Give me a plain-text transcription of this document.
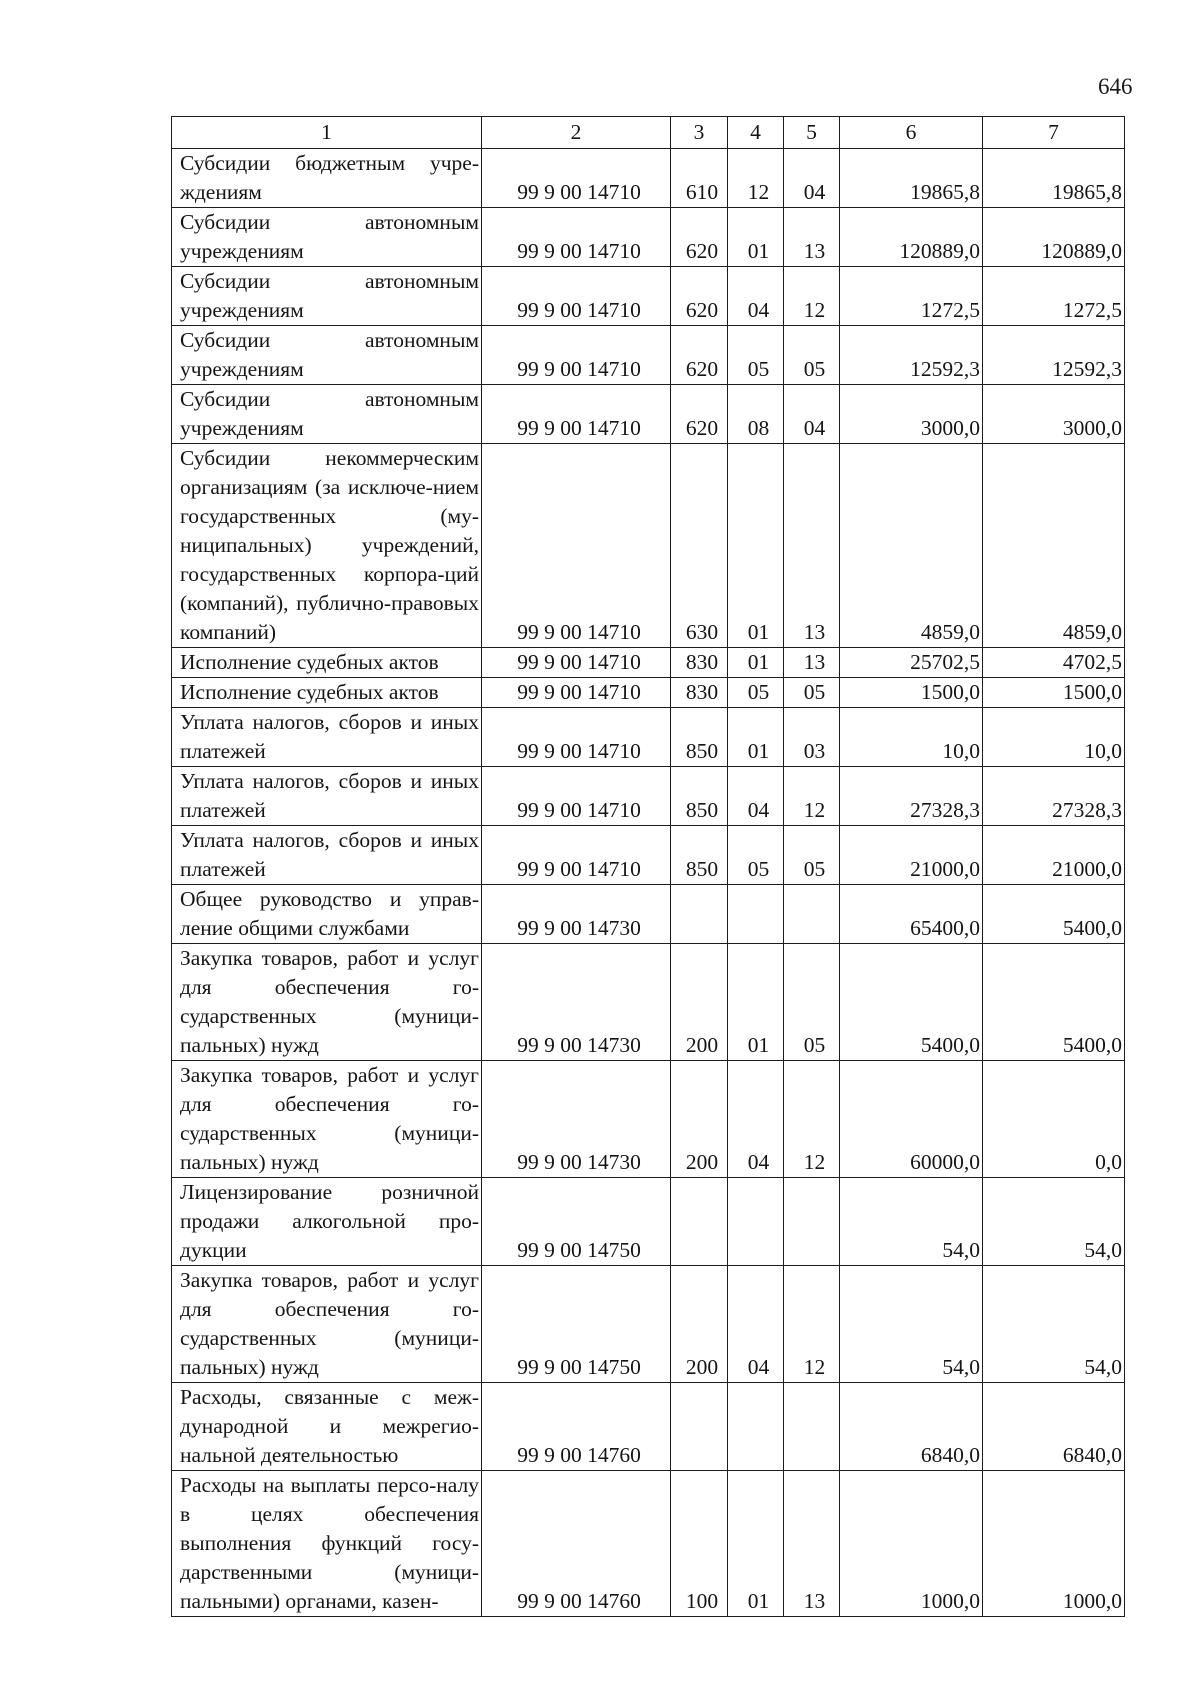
646
1	2	3	4	5	6	7
Субсидии бюджетным учре-ждениям	99 9 00 14710	610	12	04	19865,8	19865,8
Субсидии автономным учреждениям	99 9 00 14710	620	01	13	120889,0	120889,0
Субсидии автономным учреждениям	99 9 00 14710	620	04	12	1272,5	1272,5
Субсидии автономным учреждениям	99 9 00 14710	620	05	05	12592,3	12592,3
Субсидии автономным учреждениям	99 9 00 14710	620	08	04	3000,0	3000,0
Субсидии некоммерческим организациям (за исключе-нием государственных (му-ниципальных) учреждений, государственных корпора-ций (компаний), публично-правовых компаний)	99 9 00 14710	630	01	13	4859,0	4859,0
Исполнение судебных актов	99 9 00 14710	830	01	13	25702,5	4702,5
Исполнение судебных актов	99 9 00 14710	830	05	05	1500,0	1500,0
Уплата налогов, сборов и иных платежей	99 9 00 14710	850	01	03	10,0	10,0
Уплата налогов, сборов и иных платежей	99 9 00 14710	850	04	12	27328,3	27328,3
Уплата налогов, сборов и иных платежей	99 9 00 14710	850	05	05	21000,0	21000,0
Общее руководство и управ-ление общими службами	99 9 00 14730				65400,0	5400,0
Закупка товаров, работ и услуг для обеспечения го-сударственных (муници-пальных) нужд	99 9 00 14730	200	01	05	5400,0	5400,0
Закупка товаров, работ и услуг для обеспечения го-сударственных (муници-пальных) нужд	99 9 00 14730	200	04	12	60000,0	0,0
Лицензирование розничной продажи алкогольной про-дукции	99 9 00 14750				54,0	54,0
Закупка товаров, работ и услуг для обеспечения го-сударственных (муници-пальных) нужд	99 9 00 14750	200	04	12	54,0	54,0
Расходы, связанные с меж-дународной и межрегио-нальной деятельностью	99 9 00 14760				6840,0	6840,0
Расходы на выплаты персо-налу в целях обеспечения выполнения функций госу-дарственными (муници-пальными) органами, казен-	99 9 00 14760	100	01	13	1000,0	1000,0
